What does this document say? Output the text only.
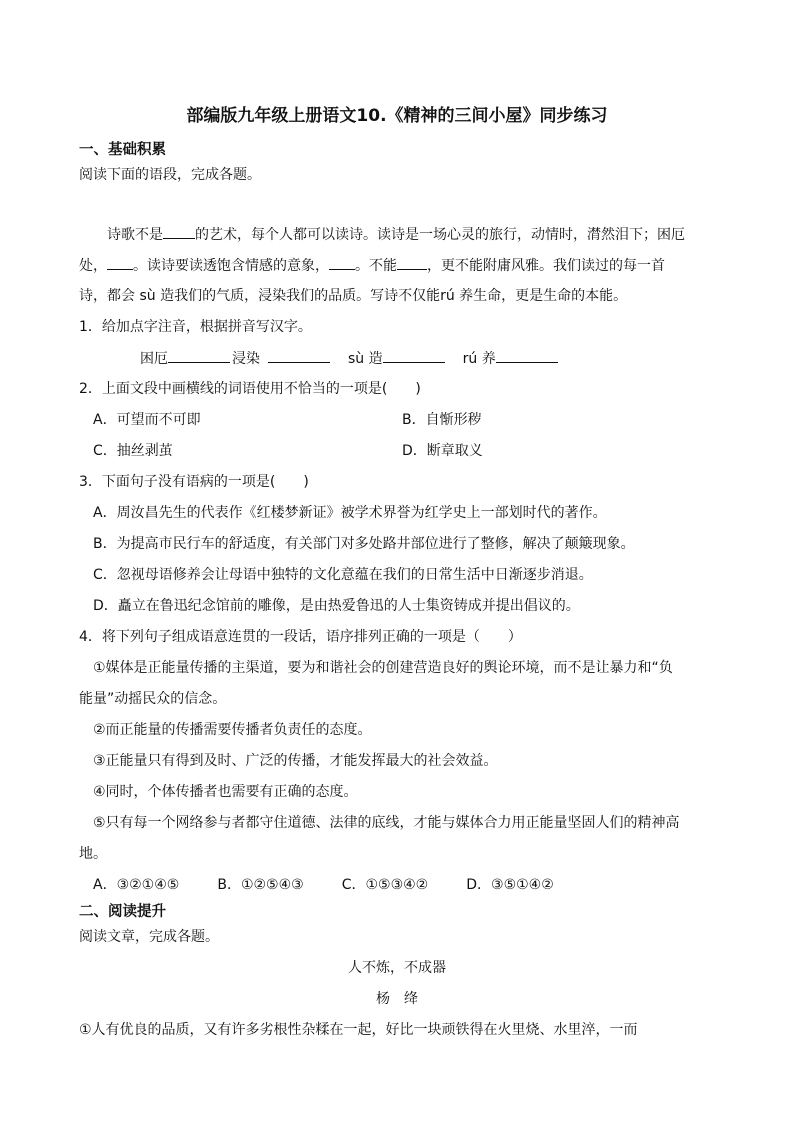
部编版九年级上册语文10.《精神的三间小屋》同步练习
一、基础积累
阅读下面的语段，完成各题。
诗歌不是 的艺术，每个人都可以读诗。读诗是一场心灵的旅行，动情时，潸然泪下；困厄
处， 。读诗要读透饱含情感的意象， 。不能 ，更不能附庸风雅。我们读过的每一首
诗，都会 sù 造我们的气质，浸染我们的品质。写诗不仅能rú 养生命，更是生命的本能。
1．给加点字注音，根据拼音写汉字。
困厄	浸染	sù 造	rú 养
2．上面文段中画横线的词语使用不恰当的一项是(　　)
A．可望而不可即	B．自惭形秽
C．抽丝剥茧	D．断章取义
3．下面句子没有语病的一项是(　　)
A．周汝昌先生的代表作《红楼梦新证》被学术界誉为红学史上一部划时代的著作。
B．为提高市民行车的舒适度，有关部门对多处路井部位进行了整修，解决了颠簸现象。
C．忽视母语修养会让母语中独特的文化意蕴在我们的日常生活中日渐逐步消退。
D．矗立在鲁迅纪念馆前的雕像，是由热爱鲁迅的人士集资铸成并提出倡议的。
4．将下列句子组成语意连贯的一段话，语序排列正确的一项是（　　）
①媒体是正能量传播的主渠道，要为和谐社会的创建营造良好的舆论环境，而不是让暴力和“负
能量”动摇民众的信念。
②而正能量的传播需要传播者负责任的态度。
③正能量只有得到及时、广泛的传播，才能发挥最大的社会效益。
④同时，个体传播者也需要有正确的态度。
⑤只有每一个网络参与者都守住道德、法律的底线，才能与媒体合力用正能量坚固人们的精神高
地。
A．③②①④⑤	B．①②⑤④③	C．①⑤③④②	D．③⑤①④②
二、阅读提升
阅读文章，完成各题。
人不炼，不成器
杨　绛
①人有优良的品质，又有许多劣根性杂糅在一起，好比一块顽铁得在火里烧、水里淬，一而
